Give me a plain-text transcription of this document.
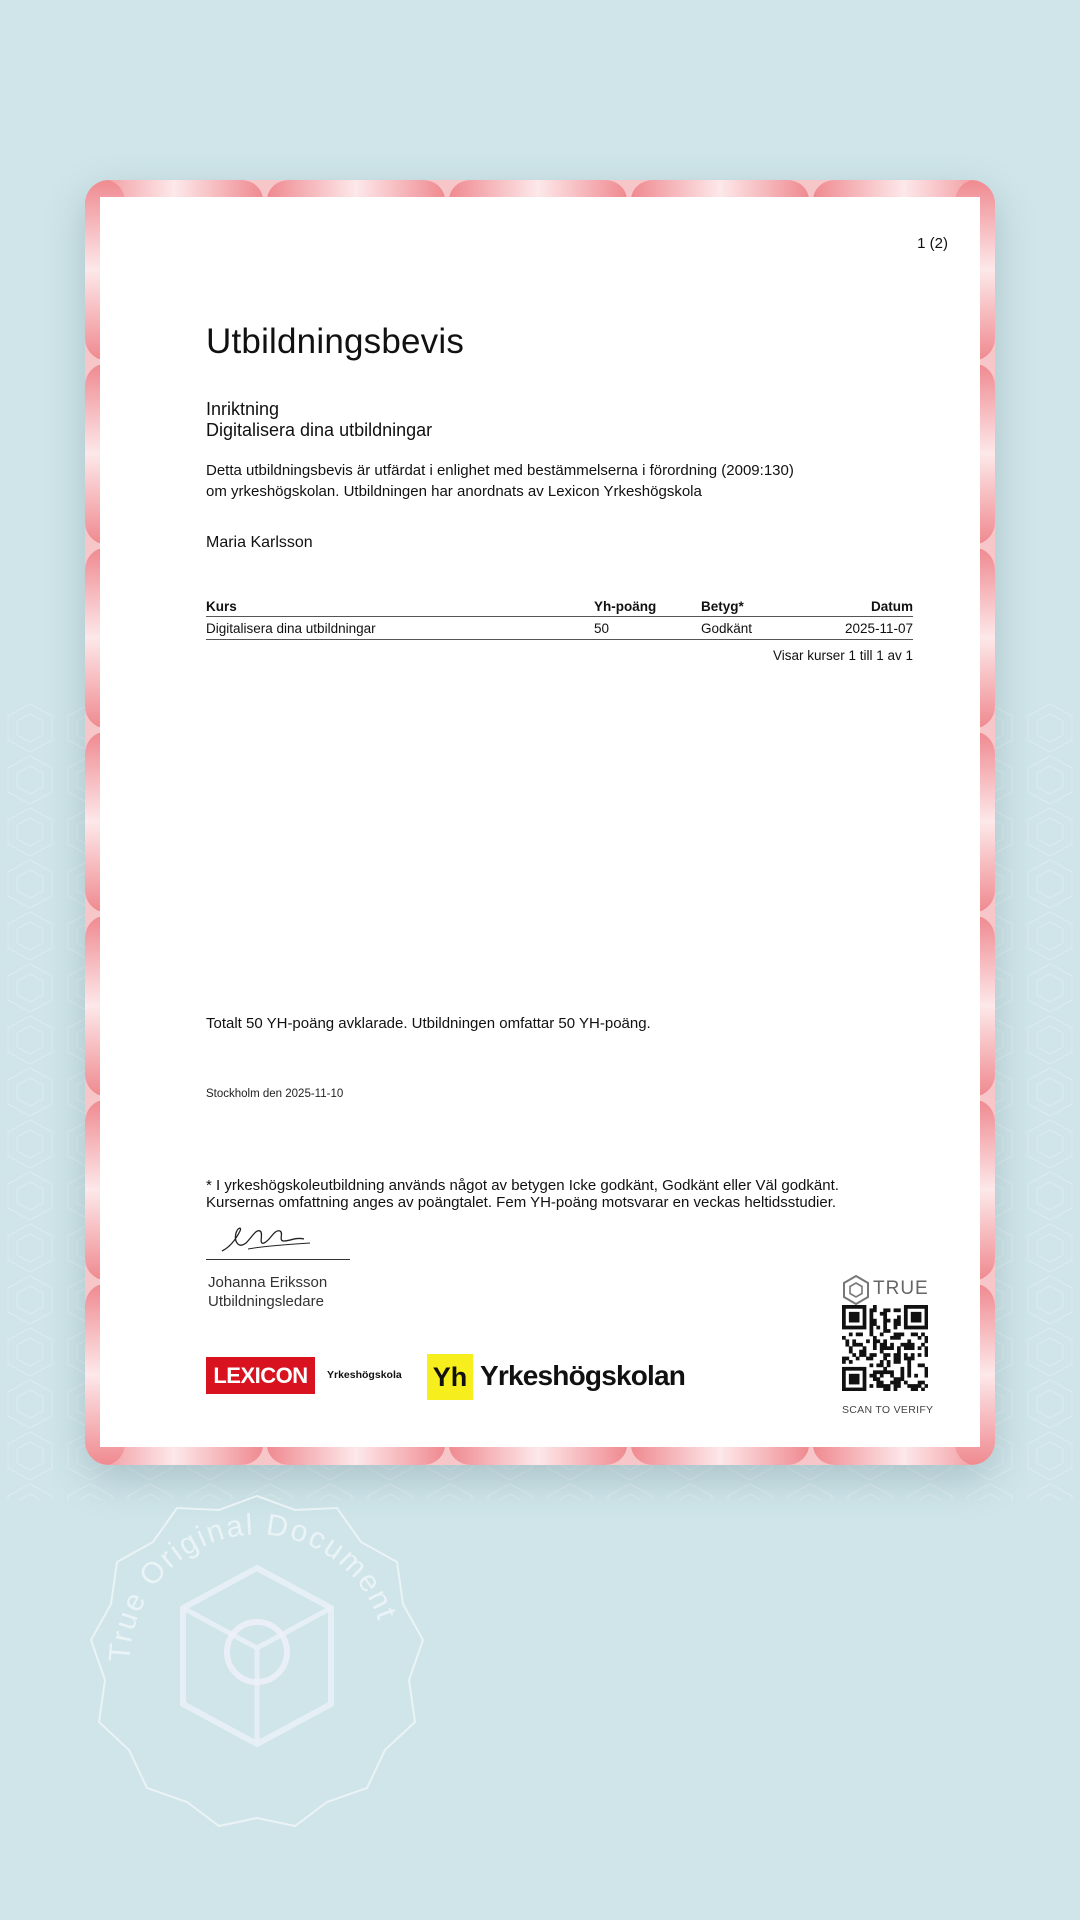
1 (2)
Utbildningsbevis
Inriktning
Digitalisera dina utbildningar
Detta utbildningsbevis är utfärdat i enlighet med bestämmelserna i förordning (2009:130)
om yrkeshögskolan. Utbildningen har anordnats av Lexicon Yrkeshögskola
Maria Karlsson
Kurs	Yh-poäng	Betyg*	Datum
Digitalisera dina utbildningar	50	Godkänt	2025-11-07
Visar kurser 1 till 1 av 1
Totalt 50 YH-poäng avklarade. Utbildningen omfattar 50 YH-poäng.
Stockholm den 2025-11-10
* I yrkeshögskoleutbildning används något av betygen Icke godkänt, Godkänt eller Väl godkänt.
Kursernas omfattning anges av poängtalet. Fem YH-poäng motsvarar en veckas heltidsstudier.
Johanna Eriksson
Utbildningsledare
LEXICON	Yrkeshögskola Yh Yrkeshögskolan
TRUE
SCAN TO VERIFY
True Original Document
